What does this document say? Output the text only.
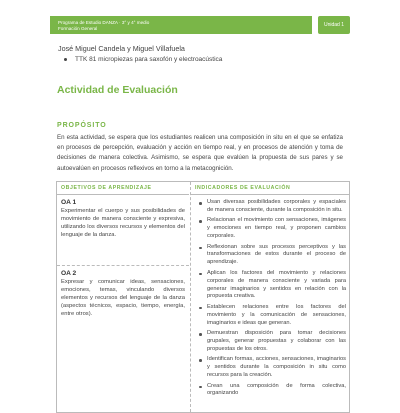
Programa de Estudio DANZA · 3° y 4° medio
Formación General
Unidad 1
José Miguel Candela y Miguel Villafuela
TTK 81 micropiezas para saxofón y electroacústica
Actividad de Evaluación
PROPÓSITO
En esta actividad, se espera que los estudiantes realicen una composición in situ en el que se enfatiza en procesos de percepción, evaluación y acción en tiempo real, y en procesos de atención y toma de decisiones de manera colectiva. Asimismo, se espera que evalúen la propuesta de sus pares y se autoevalúen en procesos reflexivos en torno a la metacognición.
OBJETIVOS DE APRENDIZAJE
OA 1
Experimentar el cuerpo y sus posibilidades de movimiento de manera consciente y expresiva, utilizando los diversos recursos y elementos del lenguaje de la danza.
OA 2
Expresar y comunicar ideas, sensaciones, emociones, temas, vinculando diversos elementos y recursos del lenguaje de la danza (aspectos técnicos, espacio, tiempo, energía, entre otros).
INDICADORES DE EVALUACIÓN
Usan diversas posibilidades corporales y espaciales de manera consciente, durante la composición in situ.
Relacionan el movimiento con sensaciones, imágenes y emociones en tiempo real, y proponen cambios corporales.
Reflexionan sobre sus procesos perceptivos y las transformaciones de estos durante el proceso de aprendizaje.
Aplican los factores del movimiento y relaciones corporales de manera consciente y variada para generar imaginarios y sentidos en relación con la propuesta creativa.
Establecen relaciones entre los factores del movimiento y la comunicación de sensaciones, imaginarios e ideas que generan.
Demuestran disposición para tomar decisiones grupales, generar propuestas y colaborar con las propuestas de los otros.
Identifican formas, acciones, sensaciones, imaginarios y sentidos durante la composición in situ como recursos para la creación.
Crean una composición de forma colectiva, organizando
